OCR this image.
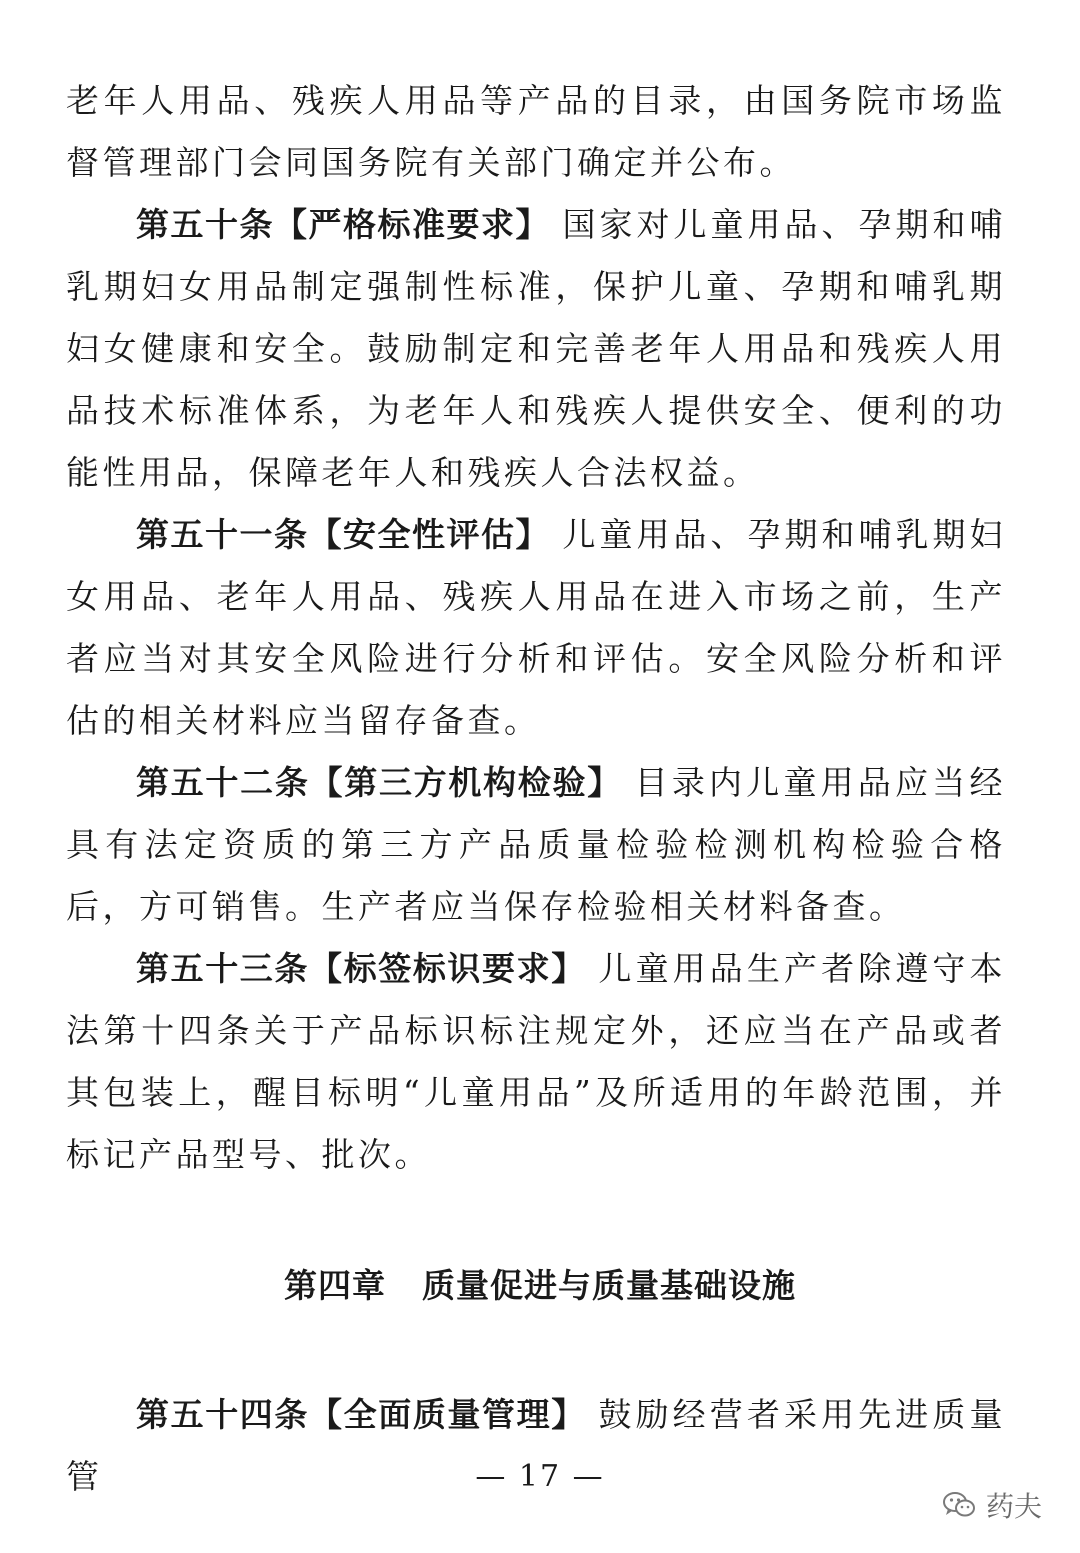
老年人用品、残疾人用品等产品的目录，由国务院市场监督管理部门会同国务院有关部门确定并公布。

第五十条【严格标准要求】 国家对儿童用品、孕期和哺乳期妇女用品制定强制性标准，保护儿童、孕期和哺乳期妇女健康和安全。鼓励制定和完善老年人用品和残疾人用品技术标准体系，为老年人和残疾人提供安全、便利的功能性用品，保障老年人和残疾人合法权益。

第五十一条【安全性评估】 儿童用品、孕期和哺乳期妇女用品、老年人用品、残疾人用品在进入市场之前，生产者应当对其安全风险进行分析和评估。安全风险分析和评估的相关材料应当留存备查。

第五十二条【第三方机构检验】 目录内儿童用品应当经具有法定资质的第三方产品质量检验检测机构检验合格后，方可销售。生产者应当保存检验相关材料备查。

第五十三条【标签标识要求】 儿童用品生产者除遵守本法第十四条关于产品标识标注规定外，还应当在产品或者其包装上，醒目标明“儿童用品”及所适用的年龄范围，并标记产品型号、批次。

第四章 质量促进与质量基础设施

第五十四条【全面质量管理】 鼓励经营者采用先进质量管	— 17 —
药夫
